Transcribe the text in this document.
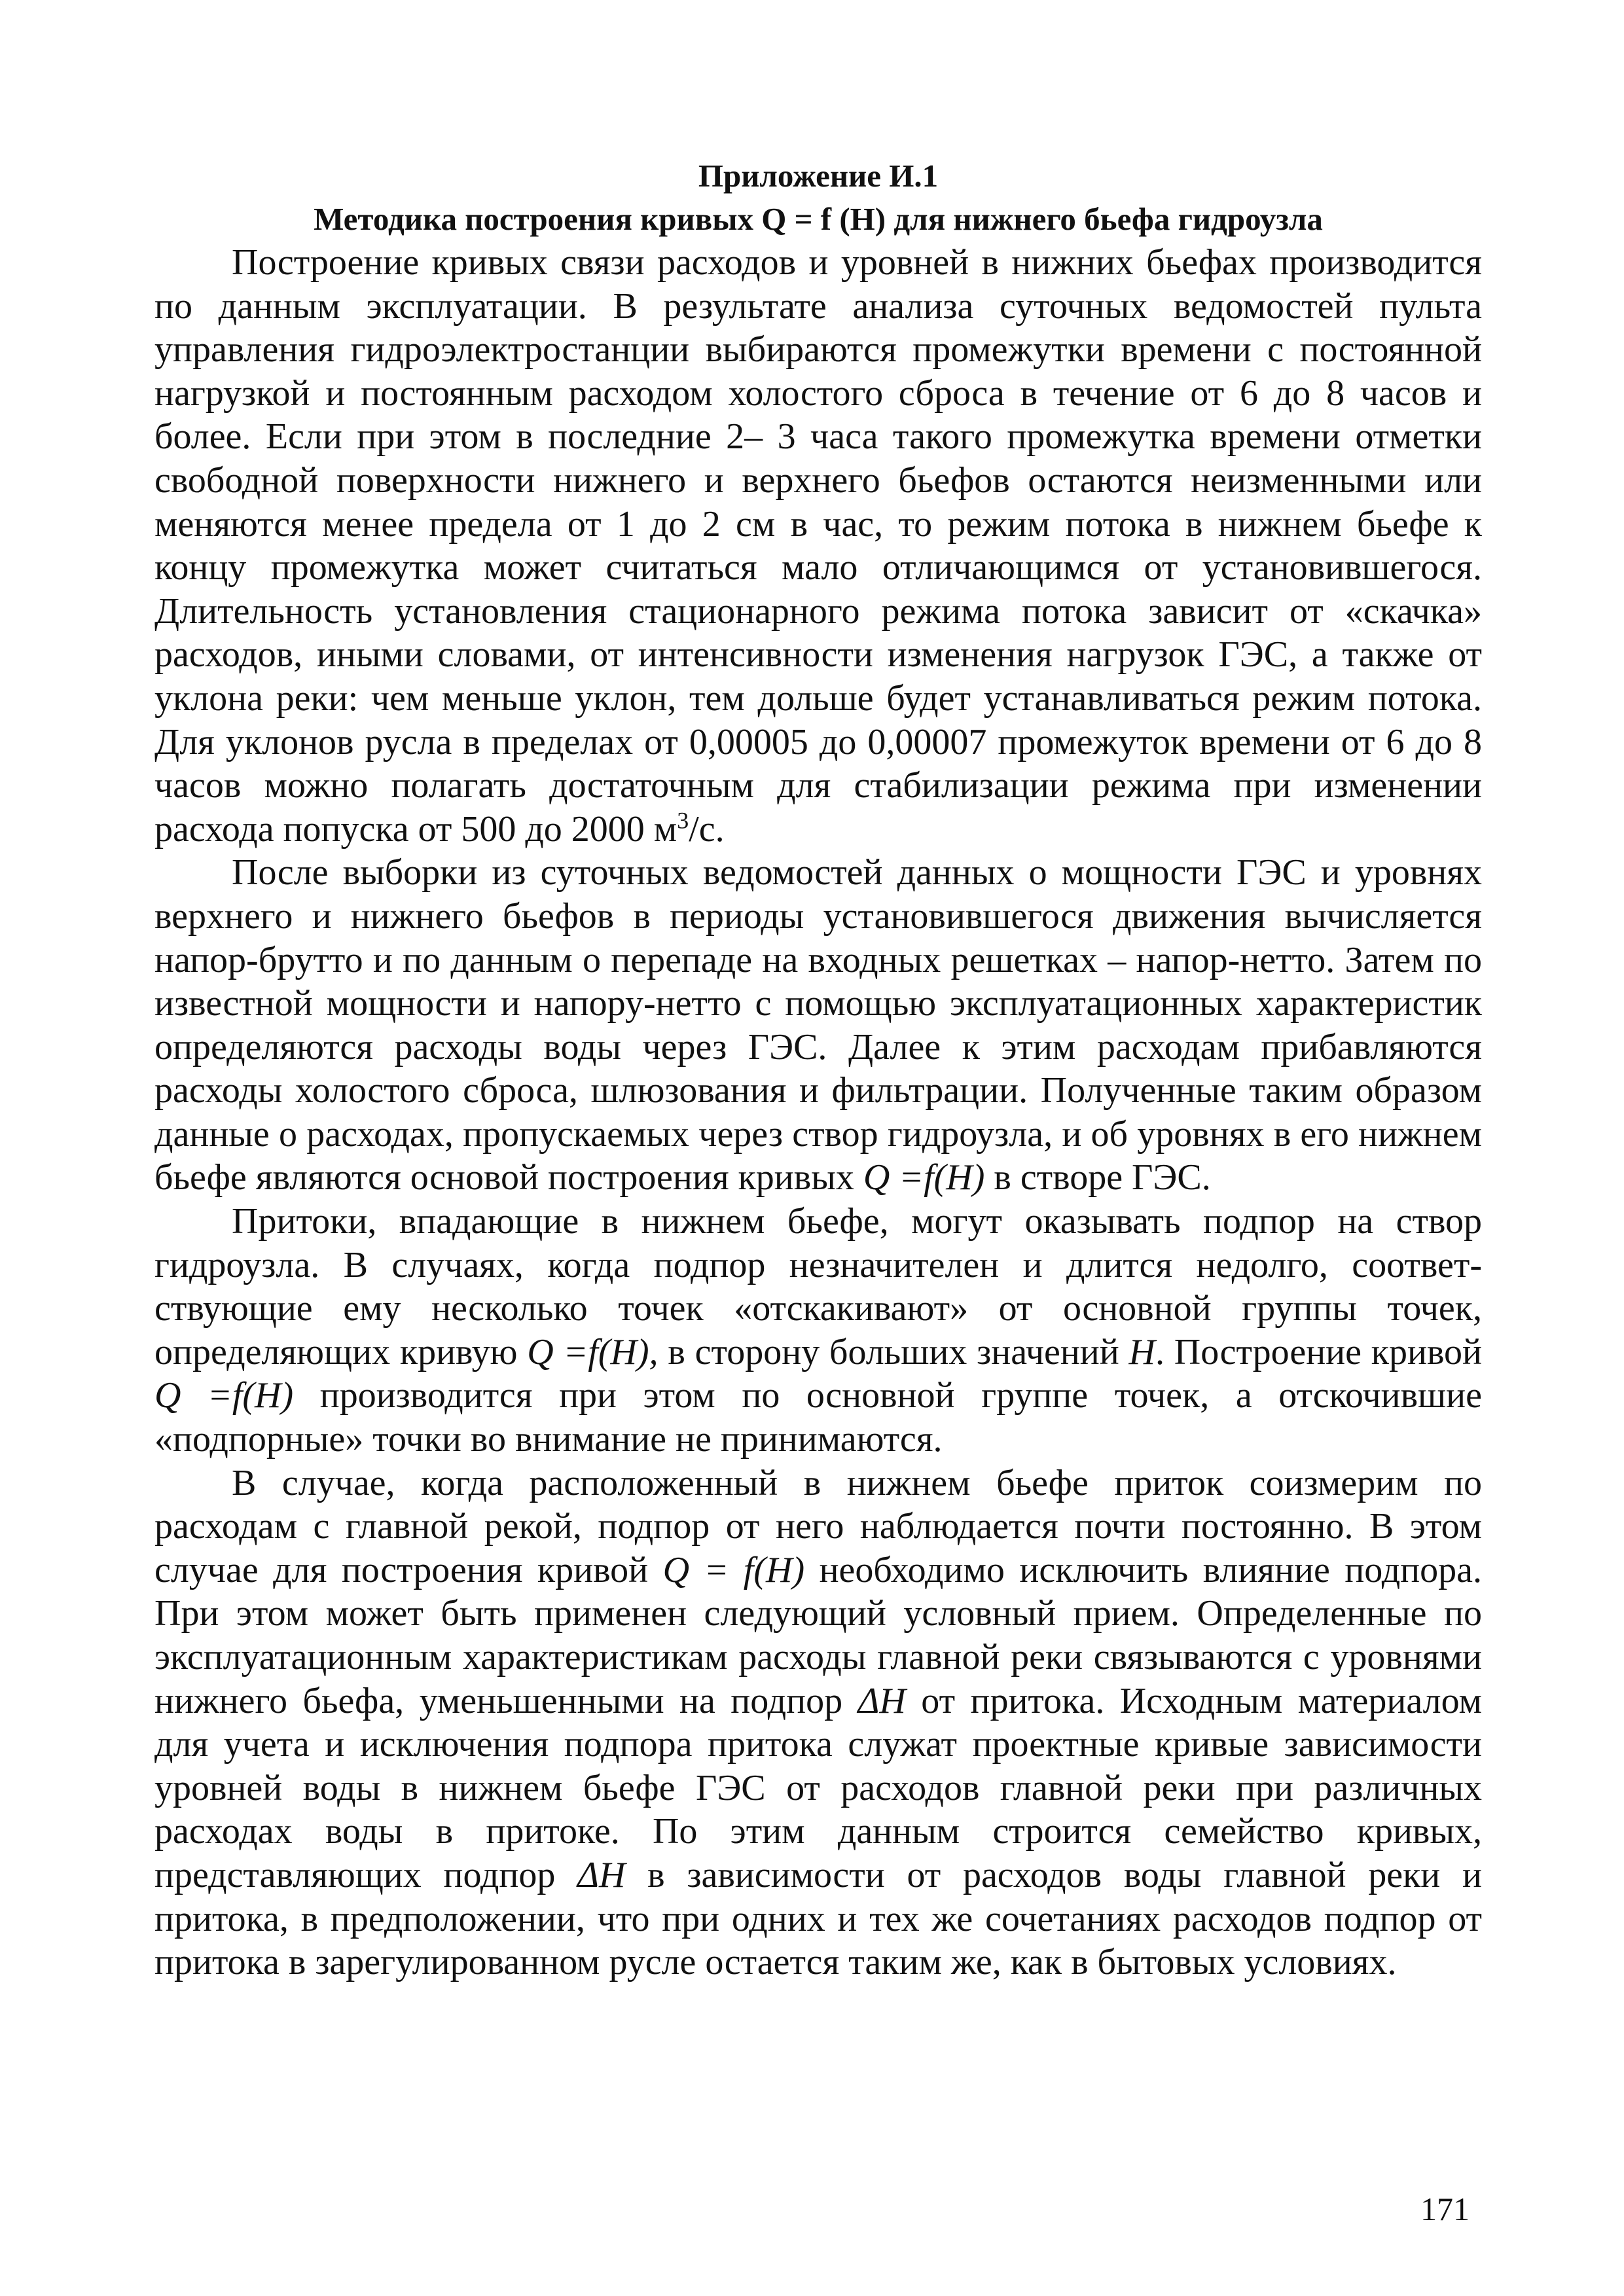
Приложение И.1
Методика построения кривых Q = f (H) для нижнего бьефа гидроузла

Построение кривых связи расходов и уровней в нижних бьефах производится по данным эксплуатации. В результате анализа суточных ведомостей пульта управления гидроэлектростанции выбираются промежутки времени с постоянной нагрузкой и постоянным расходом холостого сброса в течение от 6 до 8 часов и более. Если при этом в последние 2– 3 часа такого промежутка времени отметки свободной поверхности нижнего и верхнего бьефов остаются неизменными или меняются менее предела от 1 до 2 см в час, то режим потока в нижнем бьефе к концу промежутка может считаться мало отличающимся от установившегося. Длительность установления стационарного режима потока зависит от «скачка» расходов, иными словами, от интенсивности изменения нагрузок ГЭС, а также от уклона реки: чем меньше уклон, тем дольше будет устанавливаться режим потока. Для уклонов русла в пределах от 0,00005 до 0,00007 промежуток времени от 6 до 8 часов можно полагать достаточным для стабилизации режима при изменении расхода попуска от 500 до 2000 $м^3/с$.

После выборки из суточных ведомостей данных о мощности ГЭС и уровнях верхнего и нижнего бьефов в периоды установившегося движения вычисляется напор-брутто и по данным о перепаде на входных решетках – напор-нетто. Затем по известной мощности и напору-нетто с помощью эксплуатационных характеристик определяются расходы воды через ГЭС. Далее к этим расходам прибавляются расходы холостого сброса, шлюзования и фильтрации. Полученные таким образом данные о расходах, пропускаемых через створ гидроузла, и об уровнях в его нижнем бьефе являются основой построения кривых Q =f(H) в створе ГЭС.

Притоки, впадающие в нижнем бьефе, могут оказывать подпор на створ гидроузла. В случаях, когда подпор незначителен и длится недолго, соответствующие ему несколько точек «отскакивают» от основной группы точек, определяющих кривую Q =f(H), в сторону больших значений H. Построение кривой Q =f(H) производится при этом по основной группе точек, а отскочившие «подпорные» точки во внимание не принимаются.

В случае, когда расположенный в нижнем бьефе приток соизмерим по расходам с главной рекой, подпор от него наблюдается почти постоянно. В этом случае для построения кривой Q = f(H) необходимо исключить влияние подпора. При этом может быть применен следующий условный прием. Определенные по эксплуатационным характеристикам расходы главной реки связываются с уровнями нижнего бьефа, уменьшенными на подпор ΔH от притока. Исходным материалом для учета и исключения подпора притока служат проектные кривые зависимости уровней воды в нижнем бьефе ГЭС от расходов главной реки при различных расходах воды в притоке. По этим данным строится семейство кривых, представляющих подпор ΔH в зависимости от расходов воды главной реки и притока, в предположении, что при одних и тех же сочетаниях расходов подпор от притока в зарегулированном русле остается таким же, как в бытовых условиях.

171
